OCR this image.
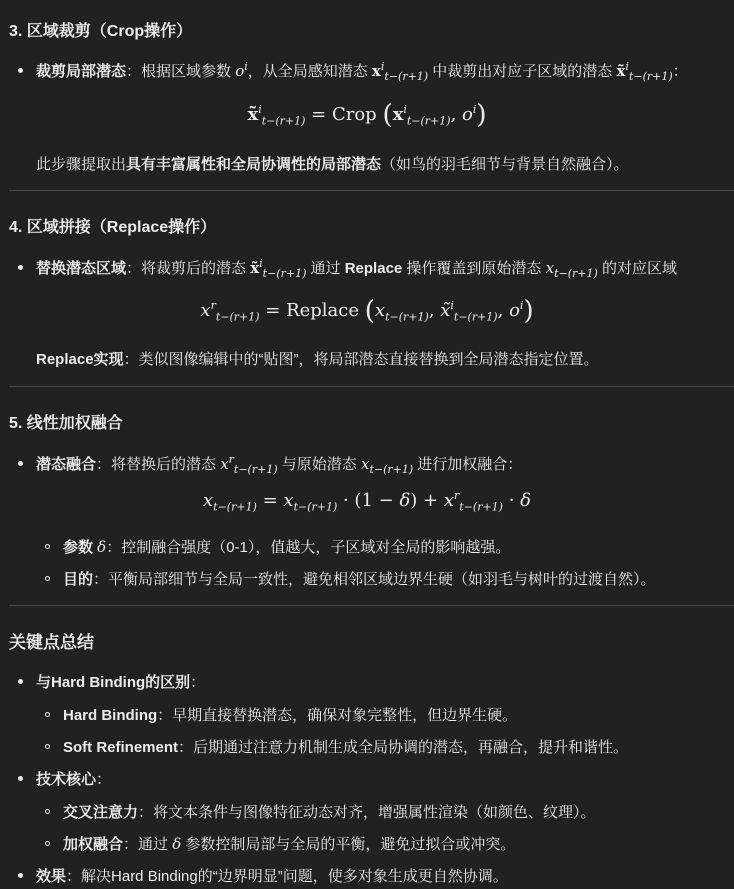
3. 区域裁剪（Crop操作）
裁剪局部潜态：根据区域参数 $o^i$，从全局感知潜态 $x^i_{t-(r+1)}$ 中裁剪出对应子区域的潜态 x̃$^i_{t-(r+1)}$：
x̃$^i_{t-(r+1)}$ = Crop ($x^i_{t-(r+1)}$, $o^i$)
此步骤提取出具有丰富属性和全局协调性的局部潜态（如鸟的羽毛细节与背景自然融合）。
4. 区域拼接（Replace操作）
替换潜态区域：将裁剪后的潜态 x̃$^i_{t-(r+1)}$ 通过 Replace 操作覆盖到原始潜态 $x_{t-(r+1)}$ 的对应区域
$x^r_{t-(r+1)}$ = Replace ($x_{t-(r+1)}$, x̃$^i_{t-(r+1)}$, $o^i$)
Replace实现：类似图像编辑中的“贴图”，将局部潜态直接替换到全局潜态指定位置。
5. 线性加权融合
潜态融合：将替换后的潜态 $x^r_{t-(r+1)}$ 与原始潜态 $x_{t-(r+1)}$ 进行加权融合：
$x_{t-(r+1)} = x_{t-(r+1)} \cdot (1 - \delta) + x^r_{t-(r+1)} \cdot \delta$
参数 δ：控制融合强度（0-1），值越大，子区域对全局的影响越强。
目的：平衡局部细节与全局一致性，避免相邻区域边界生硬（如羽毛与树叶的过渡自然）。
关键点总结
与Hard Binding的区别：
Hard Binding：早期直接替换潜态，确保对象完整性，但边界生硬。
Soft Refinement：后期通过注意力机制生成全局协调的潜态，再融合，提升和谐性。
技术核心：
交叉注意力：将文本条件与图像特征动态对齐，增强属性渲染（如颜色、纹理）。
加权融合：通过 δ 参数控制局部与全局的平衡，避免过拟合或冲突。
效果：解决Hard Binding的“边界明显”问题，使多对象生成更自然协调。
